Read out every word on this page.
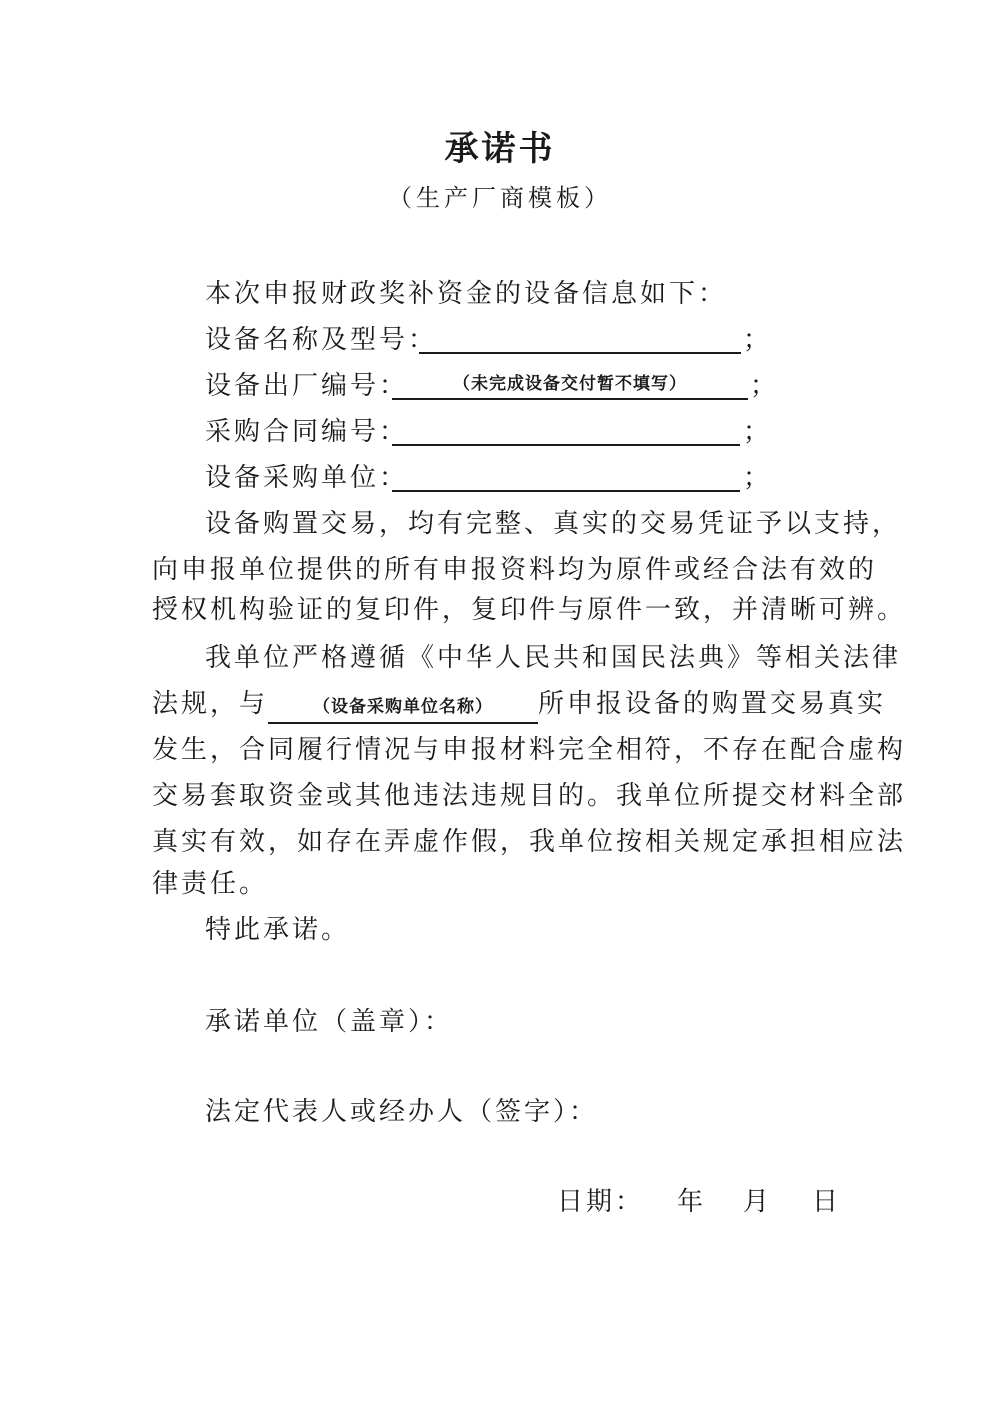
承诺书
（生产厂商模板）
本次申报财政奖补资金的设备信息如下：
设备名称及型号：	；
设备出厂编号：	（未完成设备交付暂不填写）	；
采购合同编号：	；
设备采购单位：	；
设备购置交易，均有完整、真实的交易凭证予以支持，
向申报单位提供的所有申报资料均为原件或经合法有效的
授权机构验证的复印件，复印件与原件一致，并清晰可辨。
我单位严格遵循《中华人民共和国民法典》等相关法律
法规，与	（设备采购单位名称） 所申报设备的购置交易真实
发生，合同履行情况与申报材料完全相符，不存在配合虚构
交易套取资金或其他违法违规目的。我单位所提交材料全部
真实有效，如存在弄虚作假，我单位按相关规定承担相应法
律责任。
特此承诺。
承诺单位（盖章）：
法定代表人或经办人（签字）：
日期： 年 月 日
